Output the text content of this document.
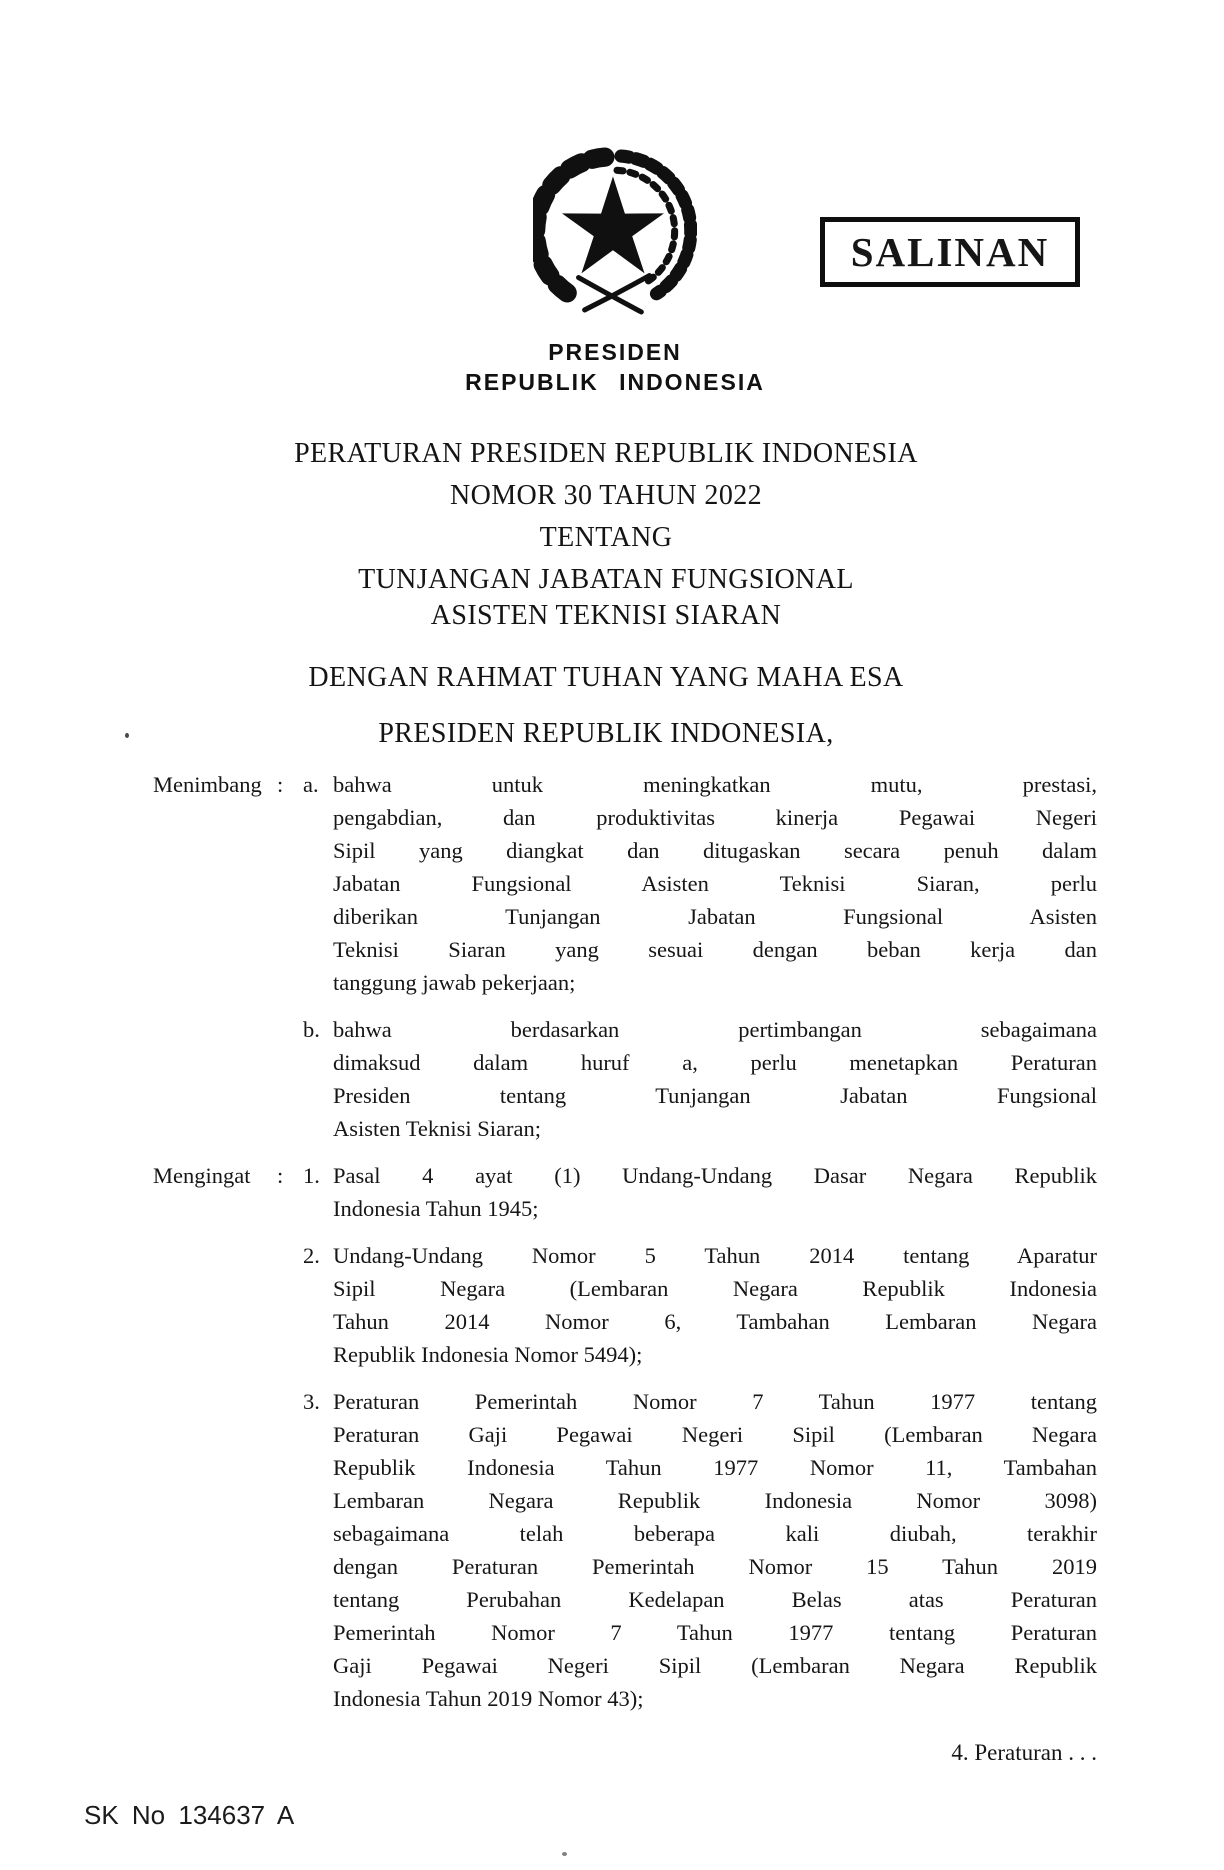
SALINAN
PRESIDEN
REPUBLIK INDONESIA
PERATURAN PRESIDEN REPUBLIK INDONESIA
NOMOR 30 TAHUN 2022
TENTANG
TUNJANGAN JABATAN FUNGSIONAL
ASISTEN TEKNISI SIARAN
DENGAN RAHMAT TUHAN YANG MAHA ESA
PRESIDEN REPUBLIK INDONESIA,
Menimbang : a. bahwa untuk meningkatkan mutu, prestasi,
pengabdian, dan produktivitas kinerja Pegawai Negeri
Sipil yang diangkat dan ditugaskan secara penuh dalam
Jabatan Fungsional Asisten Teknisi Siaran, perlu
diberikan Tunjangan Jabatan Fungsional Asisten
Teknisi Siaran yang sesuai dengan beban kerja dan
tanggung jawab pekerjaan;
b. bahwa berdasarkan pertimbangan sebagaimana
dimaksud dalam huruf a, perlu menetapkan Peraturan
Presiden tentang Tunjangan Jabatan Fungsional
Asisten Teknisi Siaran;
Mengingat	: 1. Pasal 4 ayat (1) Undang-Undang Dasar Negara Republik
Indonesia Tahun 1945;
2. Undang-Undang Nomor 5 Tahun 2014 tentang Aparatur
Sipil Negara (Lembaran Negara Republik Indonesia
Tahun 2014 Nomor 6, Tambahan Lembaran Negara
Republik Indonesia Nomor 5494);
3. Peraturan Pemerintah Nomor 7 Tahun 1977 tentang
Peraturan Gaji Pegawai Negeri Sipil (Lembaran Negara
Republik Indonesia Tahun 1977 Nomor 11, Tambahan
Lembaran Negara Republik Indonesia Nomor 3098)
sebagaimana telah beberapa kali diubah, terakhir
dengan Peraturan Pemerintah Nomor 15 Tahun 2019
tentang Perubahan Kedelapan Belas atas Peraturan
Pemerintah Nomor 7 Tahun 1977 tentang Peraturan
Gaji Pegawai Negeri Sipil (Lembaran Negara Republik
Indonesia Tahun 2019 Nomor 43);
4. Peraturan . . .
SK No 134637 A
